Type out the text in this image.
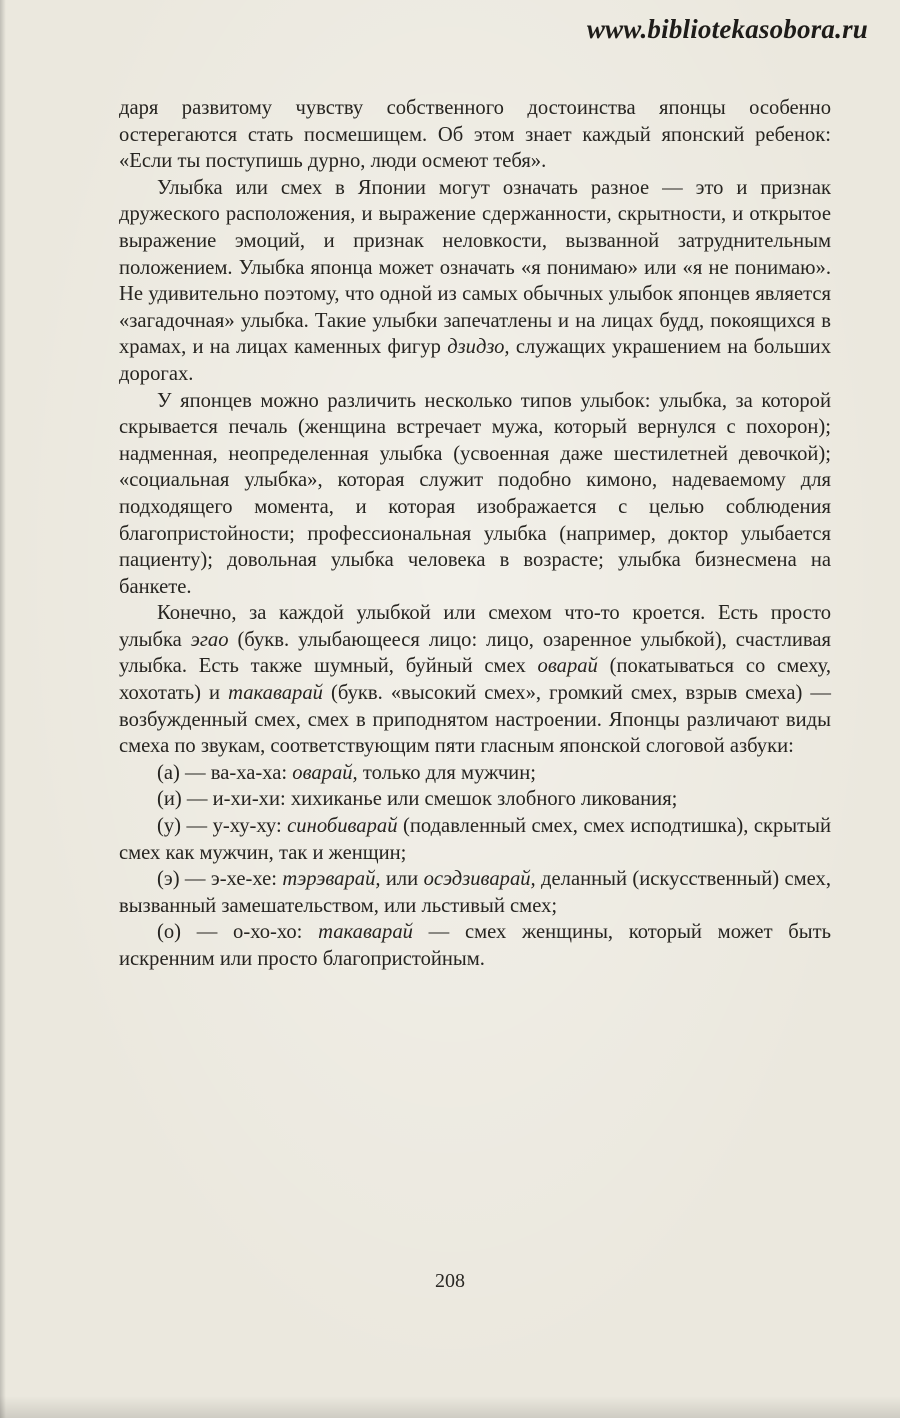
www.bibliotekasobora.ru

даря развитому чувству собственного достоинства японцы особенно остерегаются стать посмешищем. Об этом знает каждый японский ребенок: «Если ты поступишь дурно, люди осмеют тебя».

Улыбка или смех в Японии могут означать разное — это и признак дружеского расположения, и выражение сдержанности, скрытности, и открытое выражение эмоций, и признак неловкости, вызванной затруднительным положением. Улыбка японца может означать «я понимаю» или «я не понимаю». Не удивительно поэтому, что одной из самых обычных улыбок японцев является «загадочная» улыбка. Такие улыбки запечатлены и на лицах будд, покоящихся в храмах, и на лицах каменных фигур дзидзо, служащих украшением на больших дорогах.

У японцев можно различить несколько типов улыбок: улыбка, за которой скрывается печаль (женщина встречает мужа, который вернулся с похорон); надменная, неопределенная улыбка (усвоенная даже шестилетней девочкой); «социальная улыбка», которая служит подобно кимоно, надеваемому для подходящего момента, и которая изображается с целью соблюдения благопристойности; профессиональная улыбка (например, доктор улыбается пациенту); довольная улыбка человека в возрасте; улыбка бизнесмена на банкете.

Конечно, за каждой улыбкой или смехом что-то кроется. Есть просто улыбка эгао (букв. улыбающееся лицо: лицо, озаренное улыбкой), счастливая улыбка. Есть также шумный, буйный смех оварай (покатываться со смеху, хохотать) и такаварай (букв. «высокий смех», громкий смех, взрыв смеха) — возбужденный смех, смех в приподнятом настроении. Японцы различают виды смеха по звукам, соответствующим пяти гласным японской слоговой азбуки:

(а) — ва-ха-ха: оварай, только для мужчин;

(и) — и-хи-хи: хихиканье или смешок злобного ликования;

(у) — у-ху-ху: синобиварай (подавленный смех, смех исподтишка), скрытый смех как мужчин, так и женщин;

(э) — э-хе-хе: тэрэварай, или осэдзиварай, деланный (искусственный) смех, вызванный замешательством, или льстивый смех;

(о) — о-хо-хо: такаварай — смех женщины, который может быть искренним или просто благопристойным.

208
